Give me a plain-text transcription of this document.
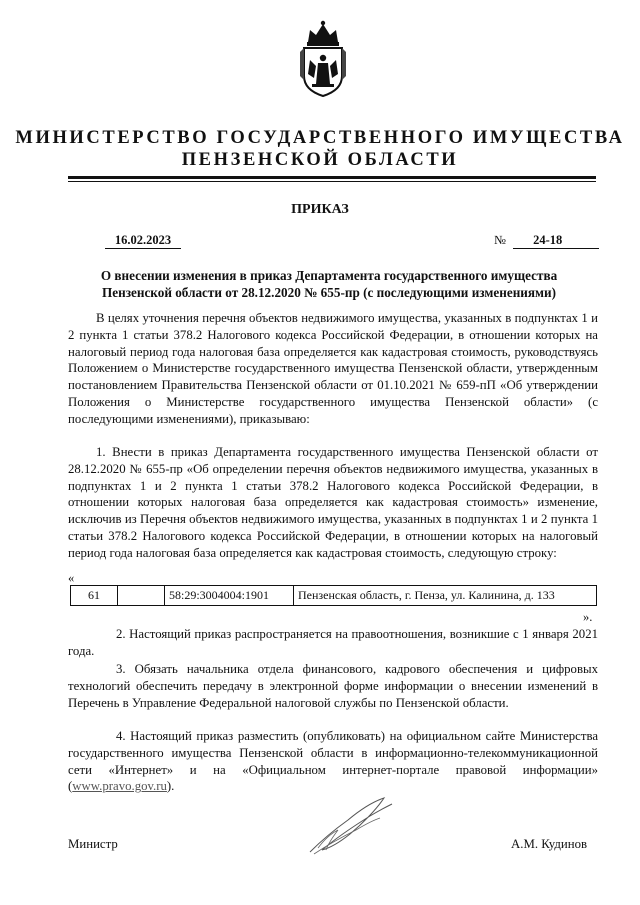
МИНИСТЕРСТВО ГОСУДАРСТВЕННОГО ИМУЩЕСТВА
ПЕНЗЕНСКОЙ ОБЛАСТИ
ПРИКАЗ
16.02.2023	№ 24-18
О внесении изменения в приказ Департамента государственного имущества
Пензенской области от 28.12.2020 № 655-пр (с последующими изменениями)

В целях уточнения перечня объектов недвижимого имущества, указанных в подпунктах 1 и 2 пункта 1 статьи 378.2 Налогового кодекса Российской Федерации, в отношении которых на налоговый период года налоговая база определяется как кадастровая стоимость, руководствуясь Положением о Министерстве государственного имущества Пензенской области, утвержденным постановлением Правительства Пензенской области от 01.10.2021 № 659-пП «Об утверждении Положения о Министерстве государственного имущества Пензенской области» (с последующими изменениями), приказываю:

1. Внести в приказ Департамента государственного имущества Пензенской области от 28.12.2020 № 655-пр «Об определении перечня объектов недвижимого имущества, указанных в подпунктах 1 и 2 пункта 1 статьи 378.2 Налогового кодекса Российской Федерации, в отношении которых налоговая база определяется как кадастровая стоимость» изменение, исключив из Перечня объектов недвижимого имущества, указанных в подпунктах 1 и 2 пункта 1 статьи 378.2 Налогового кодекса Российской Федерации, в отношении которых на налоговый период года налоговая база определяется как кадастровая стоимость, следующую строку:

«
61		58:29:3004004:1901	Пензенская область, г. Пенза, ул. Калинина, д. 133
».

2. Настоящий приказ распространяется на правоотношения, возникшие с 1 января 2021 года.

3. Обязать начальника отдела финансового, кадрового обеспечения и цифровых технологий обеспечить передачу в электронной форме информации о внесении изменений в Перечень в Управление Федеральной налоговой службы по Пензенской области.

4. Настоящий приказ разместить (опубликовать) на официальном сайте Министерства государственного имущества Пензенской области в информационно-телекоммуникационной сети «Интернет» и на «Официальном интернет-портале правовой информации» (www.pravo.gov.ru).

Министр	А.М. Кудинов
